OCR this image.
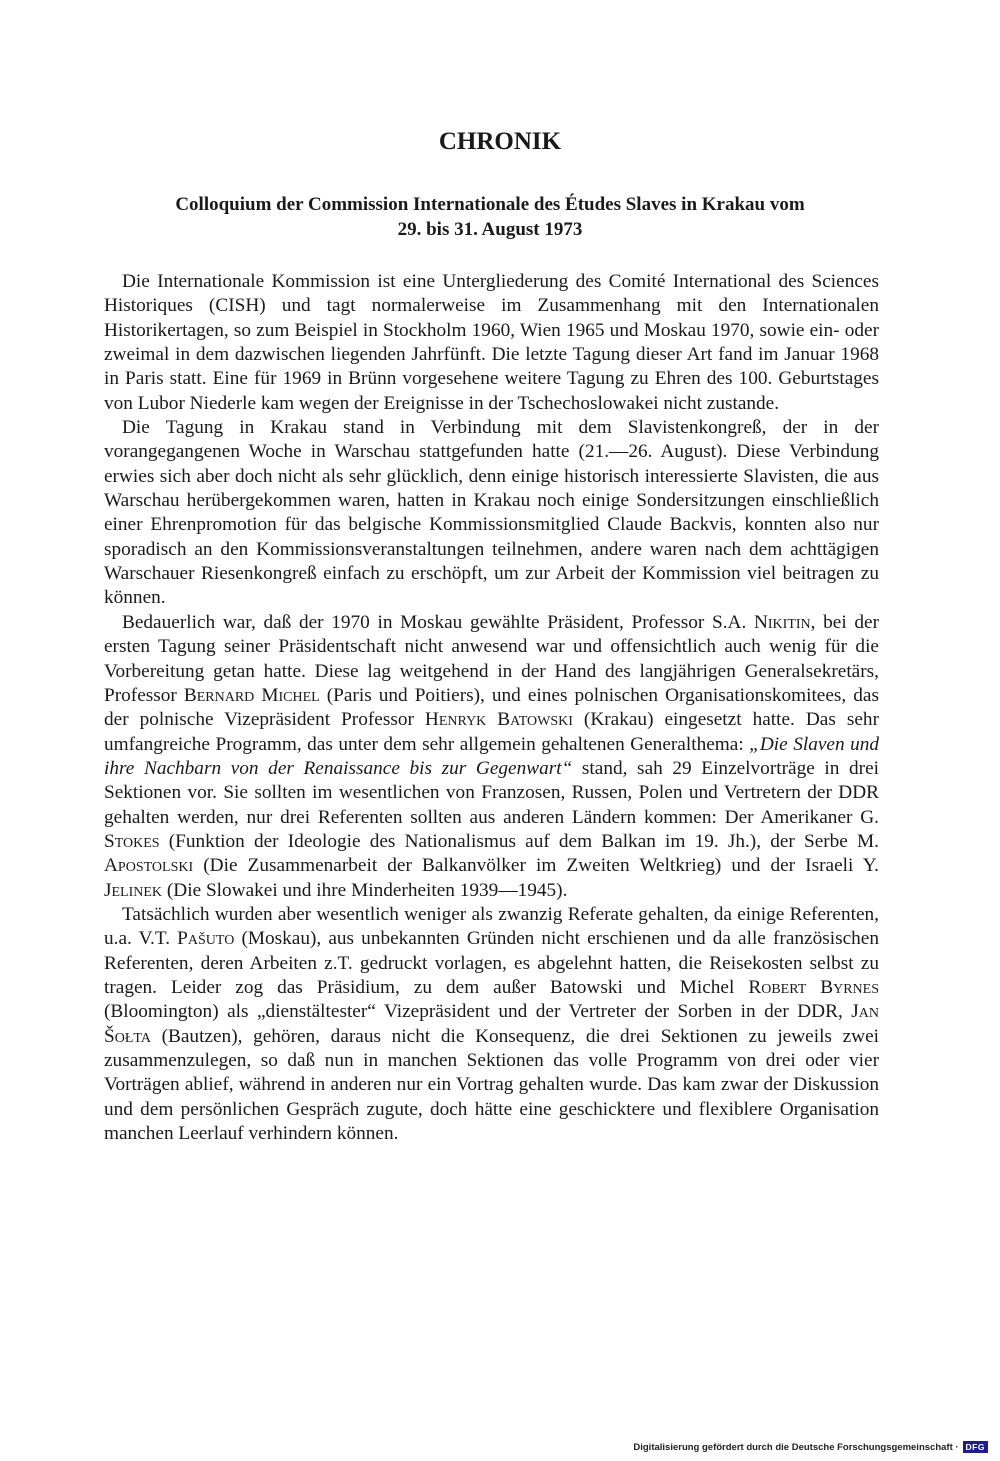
CHRONIK
Colloquium der Commission Internationale des Études Slaves in Krakau vom
29. bis 31. August 1973

Die Internationale Kommission ist eine Untergliederung des Comité International des Sciences Historiques (CISH) und tagt normalerweise im Zusammenhang mit den Internationalen Historikertagen, so zum Beispiel in Stockholm 1960, Wien 1965 und Moskau 1970, sowie ein- oder zweimal in dem dazwischen liegenden Jahrfünft. Die letzte Tagung dieser Art fand im Januar 1968 in Paris statt. Eine für 1969 in Brünn vorgesehene weitere Tagung zu Ehren des 100. Geburtstages von Lubor Niederle kam wegen der Ereignisse in der Tschechoslowakei nicht zustande.

Die Tagung in Krakau stand in Verbindung mit dem Slavistenkongreß, der in der vorangegangenen Woche in Warschau stattgefunden hatte (21.—26. August). Diese Verbindung erwies sich aber doch nicht als sehr glücklich, denn einige historisch interessierte Slavisten, die aus Warschau herübergekommen waren, hatten in Krakau noch einige Sondersitzungen einschließlich einer Ehrenpromotion für das belgische Kommissionsmitglied Claude Backvis, konnten also nur sporadisch an den Kommissionsveranstaltungen teilnehmen, andere waren nach dem achttägigen Warschauer Riesenkongreß einfach zu erschöpft, um zur Arbeit der Kommission viel beitragen zu können.

Bedauerlich war, daß der 1970 in Moskau gewählte Präsident, Professor S.A. Nikitin, bei der ersten Tagung seiner Präsidentschaft nicht anwesend war und offensichtlich auch wenig für die Vorbereitung getan hatte. Diese lag weitgehend in der Hand des langjährigen Generalsekretärs, Professor Bernard Michel (Paris und Poitiers), und eines polnischen Organisationskomitees, das der polnische Vizepräsident Professor Henryk Batowski (Krakau) eingesetzt hatte. Das sehr umfangreiche Programm, das unter dem sehr allgemein gehaltenen Generalthema: „Die Slaven und ihre Nachbarn von der Renaissance bis zur Gegenwart“ stand, sah 29 Einzelvorträge in drei Sektionen vor. Sie sollten im wesentlichen von Franzosen, Russen, Polen und Vertretern der DDR gehalten werden, nur drei Referenten sollten aus anderen Ländern kommen: Der Amerikaner G. Stokes (Funktion der Ideologie des Nationalismus auf dem Balkan im 19. Jh.), der Serbe M. Apostolski (Die Zusammenarbeit der Balkanvölker im Zweiten Weltkrieg) und der Israeli Y. Jelinek (Die Slowakei und ihre Minderheiten 1939—1945).

Tatsächlich wurden aber wesentlich weniger als zwanzig Referate gehalten, da einige Referenten, u.a. V.T. Pašuto (Moskau), aus unbekannten Gründen nicht erschienen und da alle französischen Referenten, deren Arbeiten z.T. gedruckt vorlagen, es abgelehnt hatten, die Reisekosten selbst zu tragen. Leider zog das Präsidium, zu dem außer Batowski und Michel Robert Byrnes (Bloomington) als „dienstältester“ Vizepräsident und der Vertreter der Sorben in der DDR, Jan Šołta (Bautzen), gehören, daraus nicht die Konsequenz, die drei Sektionen zu jeweils zwei zusammenzulegen, so daß nun in manchen Sektionen das volle Programm von drei oder vier Vorträgen ablief, während in anderen nur ein Vortrag gehalten wurde. Das kam zwar der Diskussion und dem persönlichen Gespräch zugute, doch hätte eine geschicktere und flexiblere Organisation manchen Leerlauf verhindern können.

Digitalisierung gefördert durch die Deutsche Forschungsgemeinschaft · DFG
